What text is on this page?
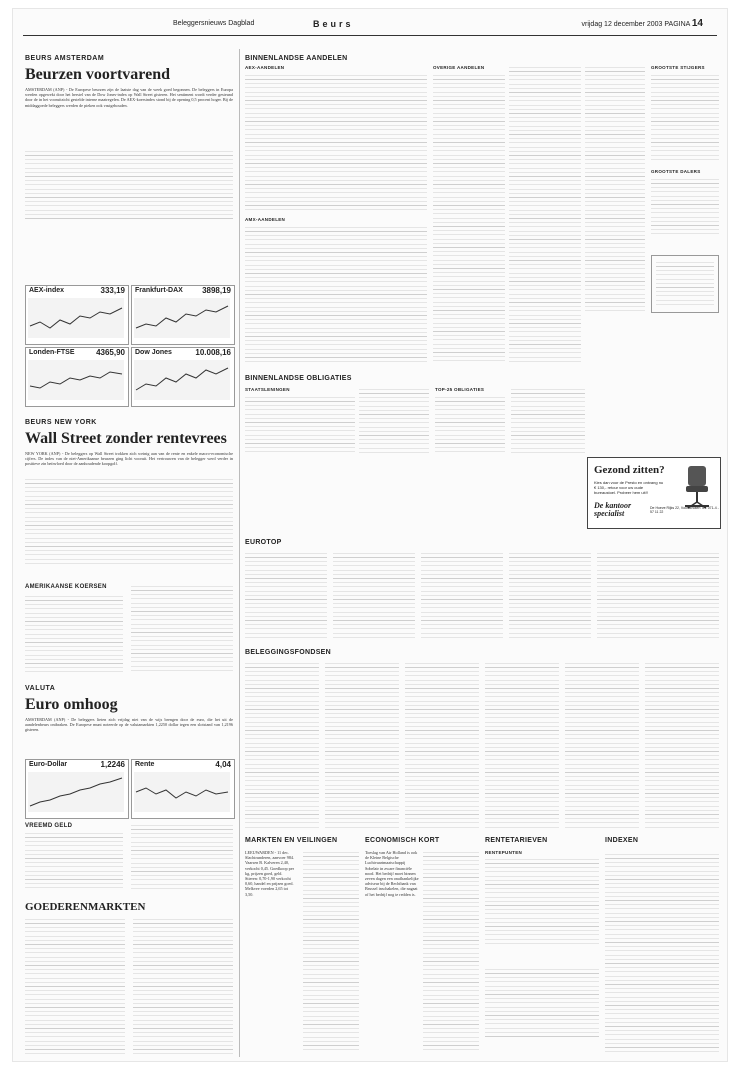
Beleggersnieuws Dagblad	Beurs	vrijdag 12 december 2003 PAGINA 14
BEURS AMSTERDAM
Beurzen voortvarend
AMSTERDAM (ANP) - De Europese beurzen zijn de laatste dag van de week goed begonnen. De beleggers in Europa werden opgewekt door het herstel van de Dow Jones-index op Wall Street gisteren. Het sentiment wordt verder gesteund door de in het vooruitzicht gestelde interne maatregelen. De AEX-koersindex stond bij de opening 0,5 procent hoger. Bij de middaggoede beleggers werden de pieken ook vastgehouden.
AEX-index	333,19 Frankfurt-DAX 3898,19
Londen-FTSE	4365,90 Dow Jones	10.008,16
BEURS NEW YORK
Wall Street zonder rentevrees
NEW YORK (ANP) - De beleggers op Wall Street trokken zich weinig aan van de rente en enkele macro-economische cijfers. De index van de niet-Amerikaanse beurzen ging licht vooruit. Het vertrouwen van de belegger werd verder in positieve zin beïnvloed door de aanhoudende koopgolf.
AMERIKAANSE KOERSEN
VALUTA
Euro omhoog
AMSTERDAM (ANP) - De beleggers lieten zich vrijdag niet van de wijs brengen door de euro, die het uit de aandelenbeurs ontbraken. De Europese munt noteerde op de valutamarkten 1,2250 dollar tegen een slotstand van 1,2196 gisteren.
Euro-Dollar	1,2246 Rente	4,04
VREEMD GELD
GOEDERENMARKTEN
BINNENLANDSE AANDELEN
AEX-AANDELEN
AMX-AANDELEN
OVERIGE AANDELEN	GROOTSTE STIJGERS
GROOTSTE DALERS
BINNENLANDSE OBLIGATIES
STAATSLENINGEN	TOP-25 OBLIGATIES
Gezond zitten?
Kies dan voor de Presto en ontvang nu € 130,- retour voor uw oude bureaustoel. Probeer hem uit!!
De kantoor
specialist
De Hoeve Rijks 22, Voorschoten Tel. 071-4 - 57 11 22
EUROTOP
BELEGGINGSFONDSEN
MARKTEN EN VEILINGEN
LEEUWARDEN - 11 dec. Slachtrunderen, aanvoer 984. Vaarsen B. Kalveren 2,40, verkocht 0,45. Goedkoop per kg, prijzen goed, geld. Stieren: 0,70-1,90 verkocht 0,60, handel en prijzen goed. Melkvee voerden 2,65 tot 3,50.
ECONOMISCH KORT
Toeslag van Air Holland is ook de Kleine Belgische Luchtvaartmaatschappij Sobelair in zware financiële nood. Het bedrijf moet binnen zeven dagen een onafhankelijke adviseur bij de Rechtbank van Brussel inschakelen, die nagaat of het bedrijf nog te redden is.
RENTETARIEVEN
RENTEPUNTEN
INDEXEN
